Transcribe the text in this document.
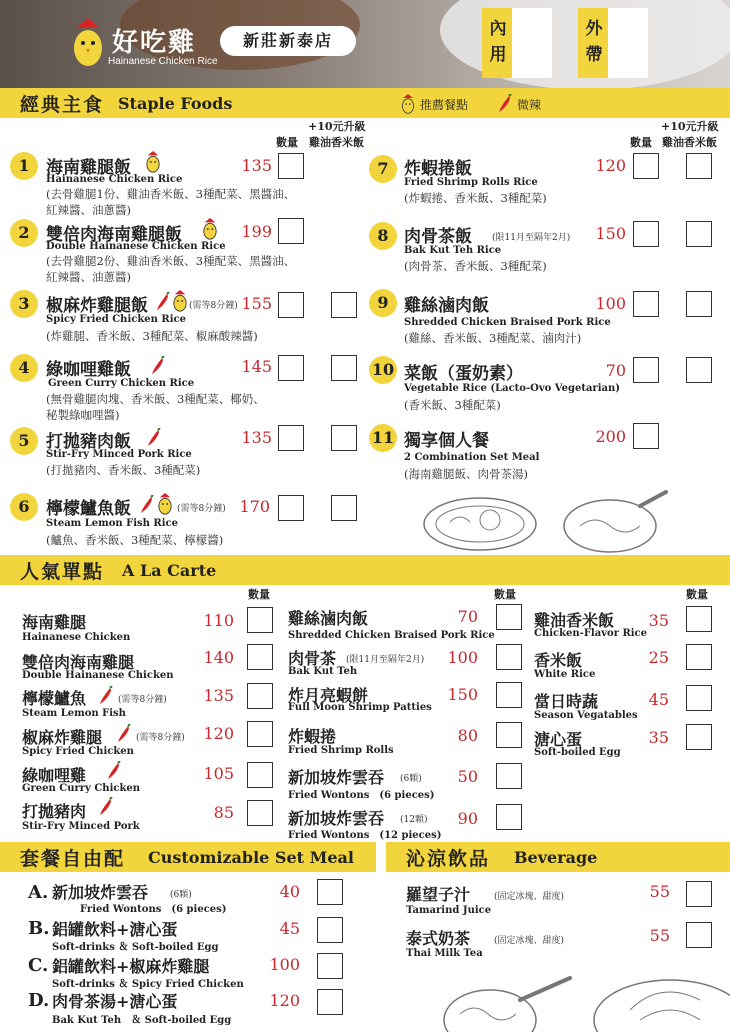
好吃雞
Hainanese Chicken Rice
新莊新泰店
內用
外帶
經典主食 Staple Foods	推薦餐點	微辣
+10元升級
數量 雞油香米飯
+10元升級
數量 雞油香米飯
1 海南雞腿飯	135
Hainanese Chicken Rice
(去骨雞腿1份、雞油香米飯、3種配菜、黑醬油、
紅辣醬、油蔥醬)
2 雙倍肉海南雞腿飯	199
Double Hainanese Chicken Rice
(去骨雞腿2份、雞油香米飯、3種配菜、黑醬油、
紅辣醬、油蔥醬)
3 椒麻炸雞腿飯	(需等8分鐘) 155
Spicy Fried Chicken Rice
(炸雞腿、香米飯、3種配菜、椒麻酸辣醬)
4 綠咖哩雞飯	145
Green Curry Chicken Rice
(無骨雞腿肉塊、香米飯、3種配菜、椰奶、
秘製綠咖哩醬)
5 打拋豬肉飯	135
Stir-Fry Minced Pork Rice
(打拋豬肉、香米飯、3種配菜)
6 檸檬鱸魚飯	(需等8分鐘) 170
Steam Lemon Fish Rice
(鱸魚、香米飯、3種配菜、檸檬醬)
7 炸蝦捲飯	120
Fried Shrimp Rolls Rice
(炸蝦捲、香米飯、3種配菜)
8 肉骨茶飯 (限11月至隔年2月)	150
Bak Kut Teh Rice
(肉骨茶、香米飯、3種配菜)
9 雞絲滷肉飯	100
Shredded Chicken Braised Pork Rice
(雞絲、香米飯、3種配菜、滷肉汁)
10 菜飯（蛋奶素）	70
Vegetable Rice (Lacto-Ovo Vegetarian)
(香米飯、3種配菜)
11 獨享個人餐	200
2 Combination Set Meal
(海南雞腿飯、肉骨茶湯)
人氣單點 A La Carte
數量	數量	數量
海南雞腿
Hainanese Chicken
110
雙倍肉海南雞腿
Double Hainanese Chicken
140
檸檬鱸魚	(需等8分鐘)
Steam Lemon Fish
135
椒麻炸雞腿	(需等8分鐘)
Spicy Fried Chicken
120
綠咖哩雞
Green Curry Chicken
105
打拋豬肉
Stir-Fry Minced Pork
85
雞絲滷肉飯
Shredded Chicken Braised Pork Rice
70
肉骨茶 (限11月至隔年2月)
Bak Kut Teh
100
炸月亮蝦餅
Full Moon Shrimp Patties
150
炸蝦捲
Fried Shrimp Rolls
80
新加坡炸雲吞 (6顆)
Fried Wontons　(6 pieces)
50
新加坡炸雲吞 (12顆)
Fried Wontons　(12 pieces)
90
雞油香米飯
Chicken-Flavor Rice
35
香米飯
White Rice
25
當日時蔬
Season Vegatables
45
溏心蛋
Soft-boiled Egg
35
套餐自由配 Customizable Set Meal
A. 新加坡炸雲吞 (6顆)
Fried Wontons　(6 pieces)
40
B. 鋁罐飲料+溏心蛋
Soft-drinks ＆ Soft-boiled Egg
45
C. 鋁罐飲料+椒麻炸雞腿
Soft-drinks ＆ Spicy Fried Chicken
100
D. 肉骨茶湯+溏心蛋
Bak Kut Teh　＆ Soft-boiled Egg
120
沁涼飲品 Beverage
羅望子汁	(固定冰塊、甜度)
Tamarind Juice
55
泰式奶茶	(固定冰塊、甜度)
Thai Milk Tea
55
